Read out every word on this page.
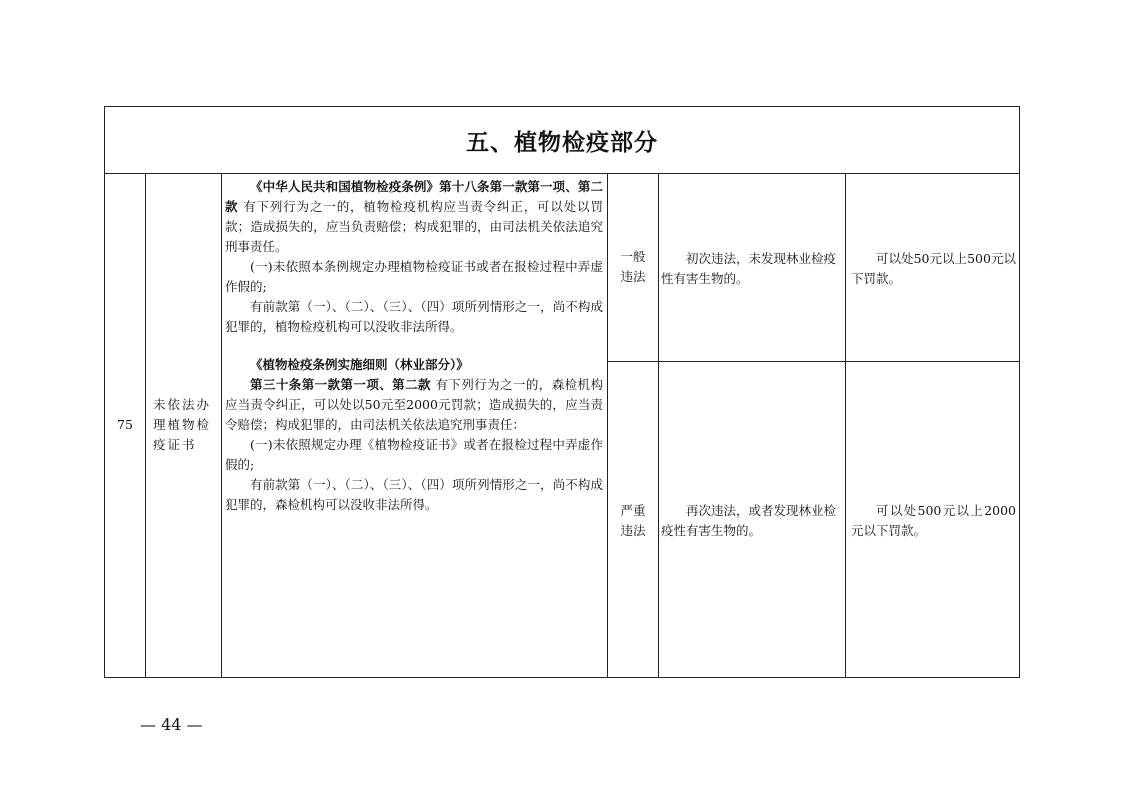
五、植物检疫部分
75
未依法办理植物检疫证书

《中华人民共和国植物检疫条例》第十八条第一款第一项、第二款 有下列行为之一的，植物检疫机构应当责令纠正，可以处以罚款；造成损失的，应当负责赔偿；构成犯罪的，由司法机关依法追究刑事责任。

(一)未依照本条例规定办理植物检疫证书或者在报检过程中弄虚作假的;

有前款第（一）、（二）、（三）、（四）项所列情形之一，尚不构成犯罪的，植物检疫机构可以没收非法所得。

《植物检疫条例实施细则（林业部分）》

第三十条第一款第一项、第二款 有下列行为之一的，森检机构应当责令纠正，可以处以50元至2000元罚款；造成损失的，应当责令赔偿；构成犯罪的，由司法机关依法追究刑事责任：

(一)未依照规定办理《植物检疫证书》或者在报检过程中弄虚作假的;

有前款第（一）、（二）、（三）、（四）项所列情形之一，尚不构成犯罪的，森检机构可以没收非法所得。

一般违法
初次违法，未发现林业检疫性有害生物的。
可以处50元以上500元以下罚款。
严重违法
再次违法，或者发现林业检疫性有害生物的。
可以处500元以上2000元以下罚款。
— 44 —
